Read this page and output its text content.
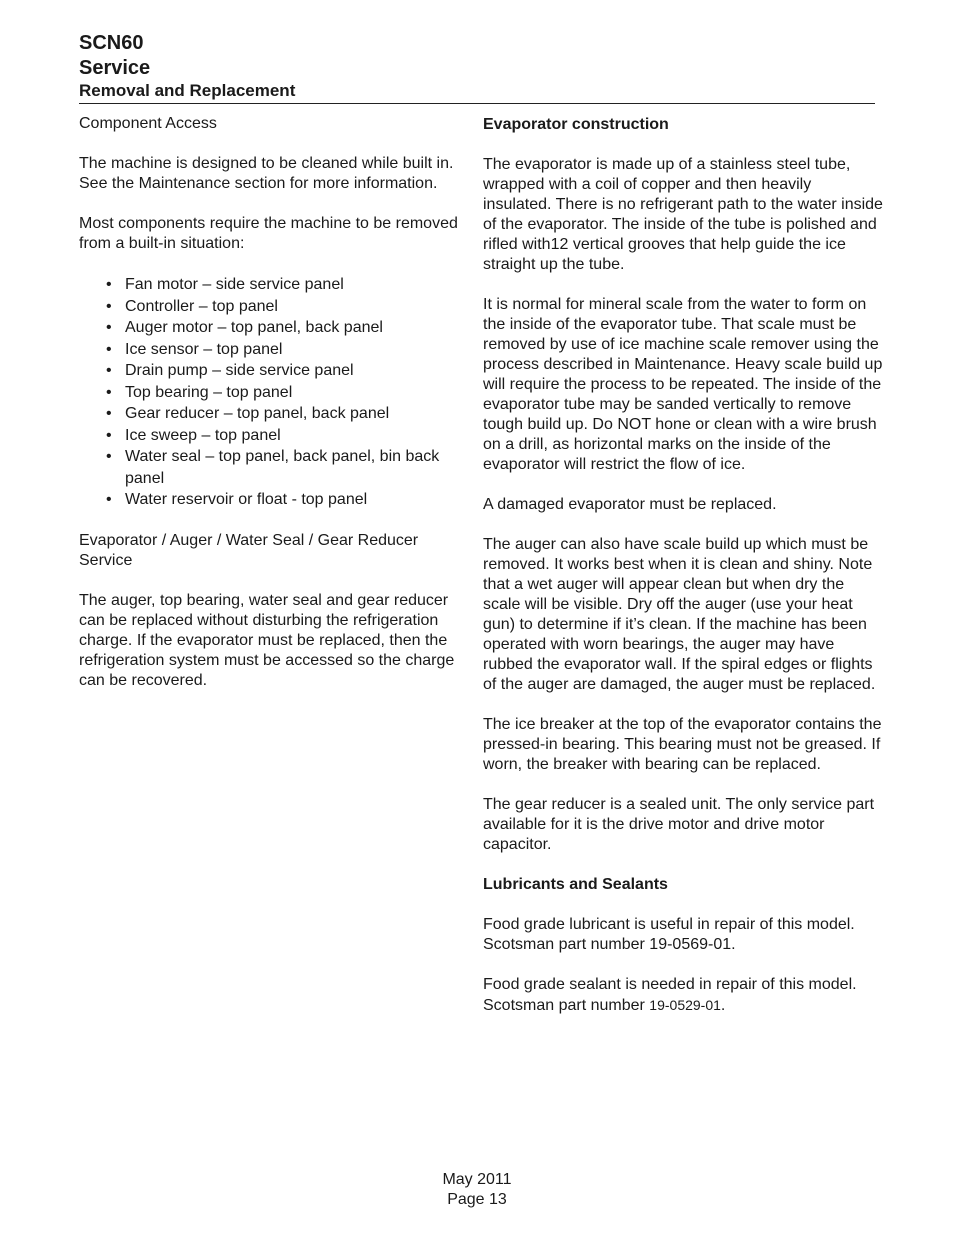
SCN60
Service
Removal and Replacement

Component Access

The machine is designed to be cleaned while built in. See the Maintenance section for more information.

Most components require the machine to be removed from a built-in situation:

• Fan motor – side service panel
• Controller – top panel
• Auger motor – top panel, back panel
• Ice sensor – top panel
• Drain pump – side service panel
• Top bearing – top panel
• Gear reducer – top panel, back panel
• Ice sweep – top panel
• Water seal – top panel, back panel, bin back panel
• Water reservoir or float - top panel

Evaporator / Auger / Water Seal / Gear Reducer Service

The auger, top bearing, water seal and gear reducer can be replaced without disturbing the refrigeration charge. If the evaporator must be replaced, then the refrigeration system must be accessed so the charge can be recovered.

Evaporator construction

The evaporator is made up of a stainless steel tube, wrapped with a coil of copper and then heavily insulated. There is no refrigerant path to the water inside of the evaporator. The inside of the tube is polished and rifled with12 vertical grooves that help guide the ice straight up the tube.

It is normal for mineral scale from the water to form on the inside of the evaporator tube. That scale must be removed by use of ice machine scale remover using the process described in Maintenance. Heavy scale build up will require the process to be repeated. The inside of the evaporator tube may be sanded vertically to remove tough build up. Do NOT hone or clean with a wire brush on a drill, as horizontal marks on the inside of the evaporator will restrict the flow of ice.

A damaged evaporator must be replaced.

The auger can also have scale build up which must be removed. It works best when it is clean and shiny. Note that a wet auger will appear clean but when dry the scale will be visible. Dry off the auger (use your heat gun) to determine if it’s clean. If the machine has been operated with worn bearings, the auger may have rubbed the evaporator wall. If the spiral edges or flights of the auger are damaged, the auger must be replaced.

The ice breaker at the top of the evaporator contains the pressed-in bearing. This bearing must not be greased. If worn, the breaker with bearing can be replaced.

The gear reducer is a sealed unit. The only service part available for it is the drive motor and drive motor capacitor.

Lubricants and Sealants

Food grade lubricant is useful in repair of this model. Scotsman part number 19-0569-01.

Food grade sealant is needed in repair of this model. Scotsman part number 19-0529-01.

May 2011
Page 13
